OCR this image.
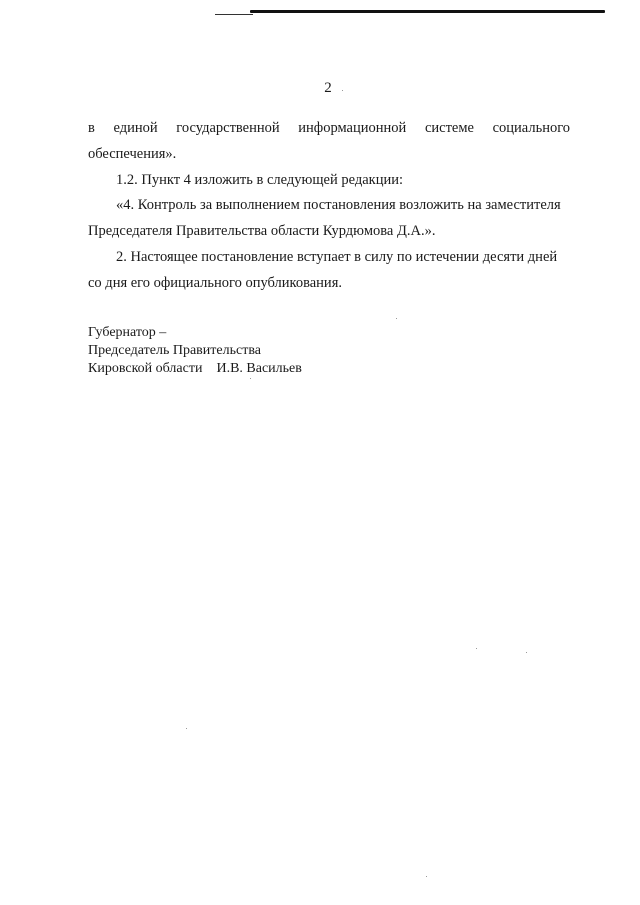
2
в единой государственной информационной системе социального
обеспечения».
1.2. Пункт 4 изложить в следующей редакции:
«4. Контроль за выполнением постановления возложить на заместителя
Председателя Правительства области Курдюмова Д.А.».
2. Настоящее постановление вступает в силу по истечении десяти дней
со дня его официального опубликования.
Губернатор –
Председатель Правительства
Кировской области И.В. Васильев
